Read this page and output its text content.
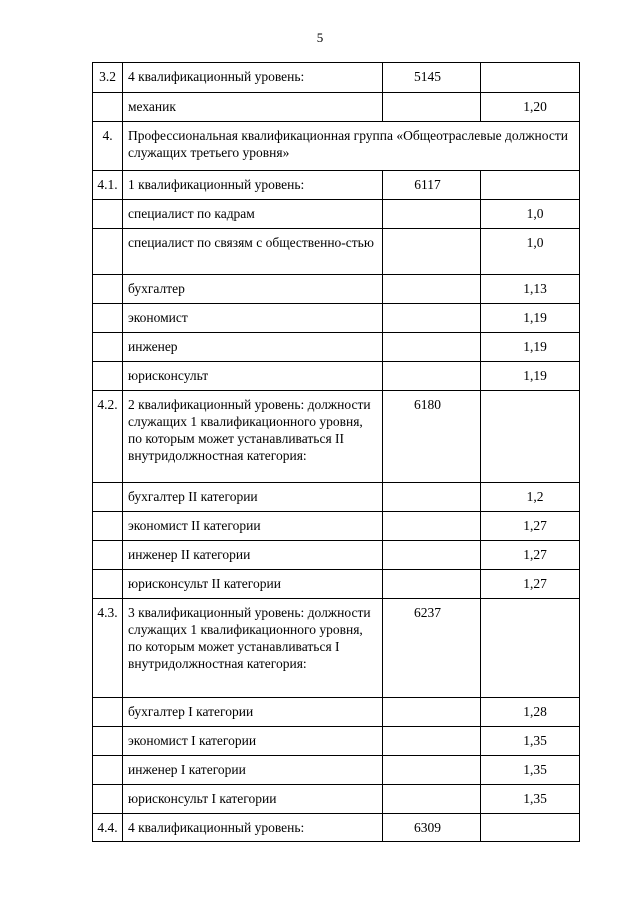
5
3.2	4 квалификационный уровень:	5145	
	механик		1,20
4.	Профессиональная квалификационная группа «Общеотраслевые должности служащих третьего уровня»		
4.1.	1 квалификационный уровень:	6117	
	специалист по кадрам		1,0
	специалист по связям с общественно-стью		1,0
	бухгалтер		1,13
	экономист		1,19
	инженер		1,19
	юрисконсульт		1,19
4.2.	2 квалификационный уровень: должности служащих 1 квалификационного уровня, по которым может устанавливаться II внутридолжностная категория:	6180	
	бухгалтер II категории		1,2
	экономист II категории		1,27
	инженер II категории		1,27
	юрисконсульт II категории		1,27
4.3.	3 квалификационный уровень: должности служащих 1 квалификационного уровня, по которым может устанавливаться I внутридолжностная категория:	6237	
	бухгалтер I категории		1,28
	экономист I категории		1,35
	инженер I категории		1,35
	юрисконсульт I категории		1,35
4.4.	4 квалификационный уровень:	6309	
